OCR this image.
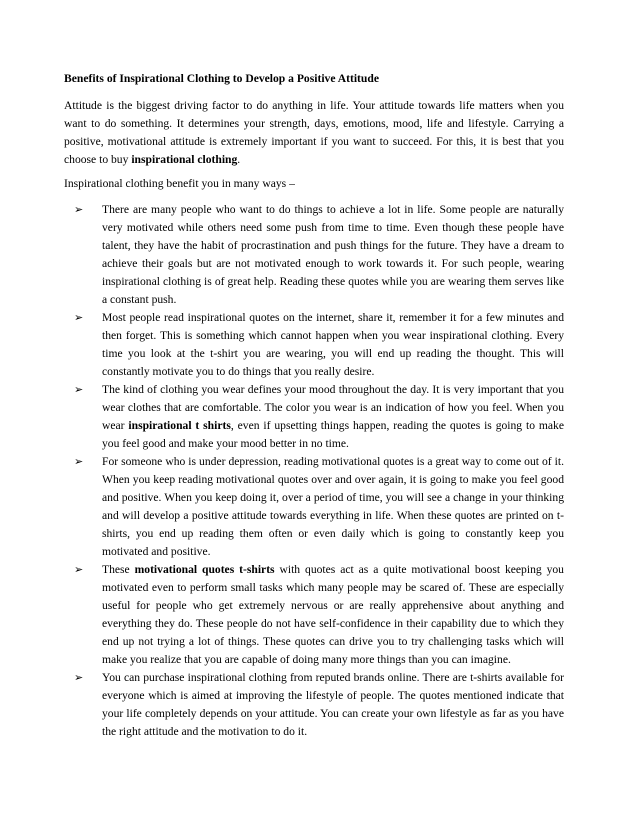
Benefits of Inspirational Clothing to Develop a Positive Attitude

Attitude is the biggest driving factor to do anything in life. Your attitude towards life matters when you want to do something. It determines your strength, days, emotions, mood, life and lifestyle. Carrying a positive, motivational attitude is extremely important if you want to succeed. For this, it is best that you choose to buy inspirational clothing.

Inspirational clothing benefit you in many ways –

➢	There are many people who want to do things to achieve a lot in life. Some people are naturally very motivated while others need some push from time to time. Even though these people have talent, they have the habit of procrastination and push things for the future. They have a dream to achieve their goals but are not motivated enough to work towards it. For such people, wearing inspirational clothing is of great help. Reading these quotes while you are wearing them serves like a constant push.
➢	Most people read inspirational quotes on the internet, share it, remember it for a few minutes and then forget. This is something which cannot happen when you wear inspirational clothing. Every time you look at the t-shirt you are wearing, you will end up reading the thought. This will constantly motivate you to do things that you really desire.
➢	The kind of clothing you wear defines your mood throughout the day. It is very important that you wear clothes that are comfortable. The color you wear is an indication of how you feel. When you wear inspirational t shirts, even if upsetting things happen, reading the quotes is going to make you feel good and make your mood better in no time.
➢	For someone who is under depression, reading motivational quotes is a great way to come out of it. When you keep reading motivational quotes over and over again, it is going to make you feel good and positive. When you keep doing it, over a period of time, you will see a change in your thinking and will develop a positive attitude towards everything in life. When these quotes are printed on t-shirts, you end up reading them often or even daily which is going to constantly keep you motivated and positive.
➢	These motivational quotes t-shirts with quotes act as a quite motivational boost keeping you motivated even to perform small tasks which many people may be scared of. These are especially useful for people who get extremely nervous or are really apprehensive about anything and everything they do. These people do not have self-confidence in their capability due to which they end up not trying a lot of things. These quotes can drive you to try challenging tasks which will make you realize that you are capable of doing many more things than you can imagine.
➢	You can purchase inspirational clothing from reputed brands online. There are t-shirts available for everyone which is aimed at improving the lifestyle of people. The quotes mentioned indicate that your life completely depends on your attitude. You can create your own lifestyle as far as you have the right attitude and the motivation to do it.
